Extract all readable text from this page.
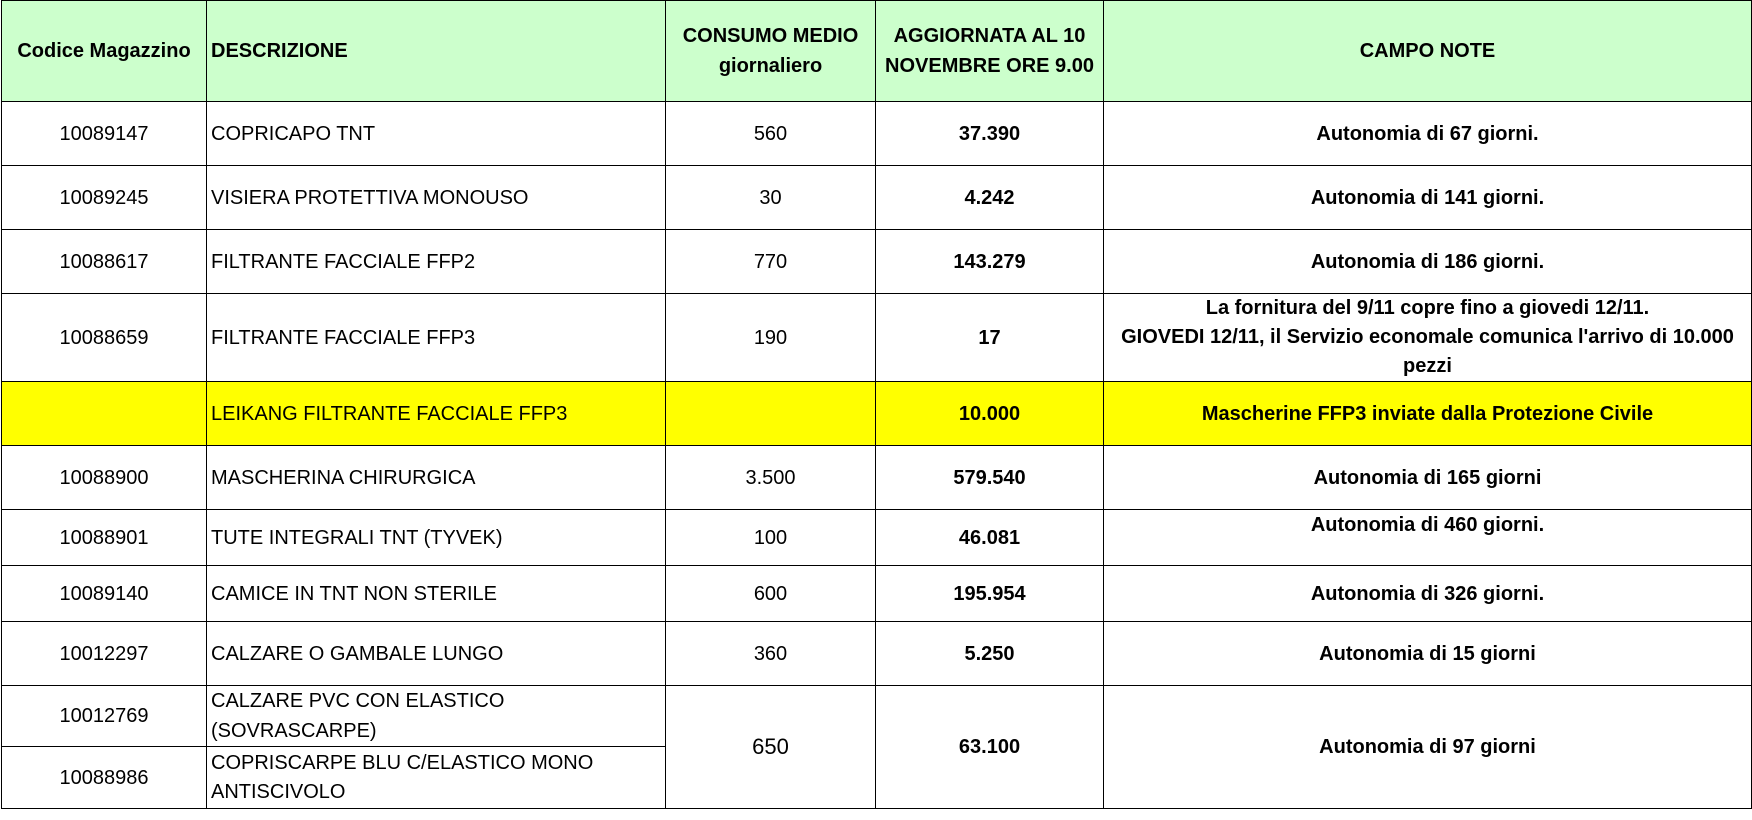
Codice Magazzino	DESCRIZIONE	CONSUMO MEDIO giornaliero	AGGIORNATA AL 10 NOVEMBRE ORE 9.00	CAMPO NOTE
10089147	COPRICAPO TNT	560	37.390	Autonomia di 67 giorni.
10089245	VISIERA PROTETTIVA MONOUSO	30	4.242	Autonomia di 141 giorni.
10088617	FILTRANTE FACCIALE FFP2	770	143.279	Autonomia di 186 giorni.
10088659	FILTRANTE FACCIALE FFP3	190	17	La fornitura del 9/11 copre fino a giovedi 12/11.
GIOVEDI 12/11, il Servizio economale comunica l'arrivo di 10.000 pezzi

	LEIKANG FILTRANTE FACCIALE FFP3		10.000	Mascherine FFP3 inviate dalla Protezione Civile
10088900	MASCHERINA CHIRURGICA	3.500	579.540	Autonomia di 165 giorni
10088901	TUTE INTEGRALI TNT (TYVEK)	100	46.081	Autonomia di 460 giorni.
10089140	CAMICE IN TNT NON STERILE	600	195.954	Autonomia di 326 giorni.
10012297	CALZARE O GAMBALE LUNGO	360	5.250	Autonomia di 15 giorni
10012769	CALZARE PVC CON ELASTICO (SOVRASCARPE)	650	63.100	Autonomia di 97 giorni
10088986	COPRISCARPE BLU C/ELASTICO MONO ANTISCIVOLO			
